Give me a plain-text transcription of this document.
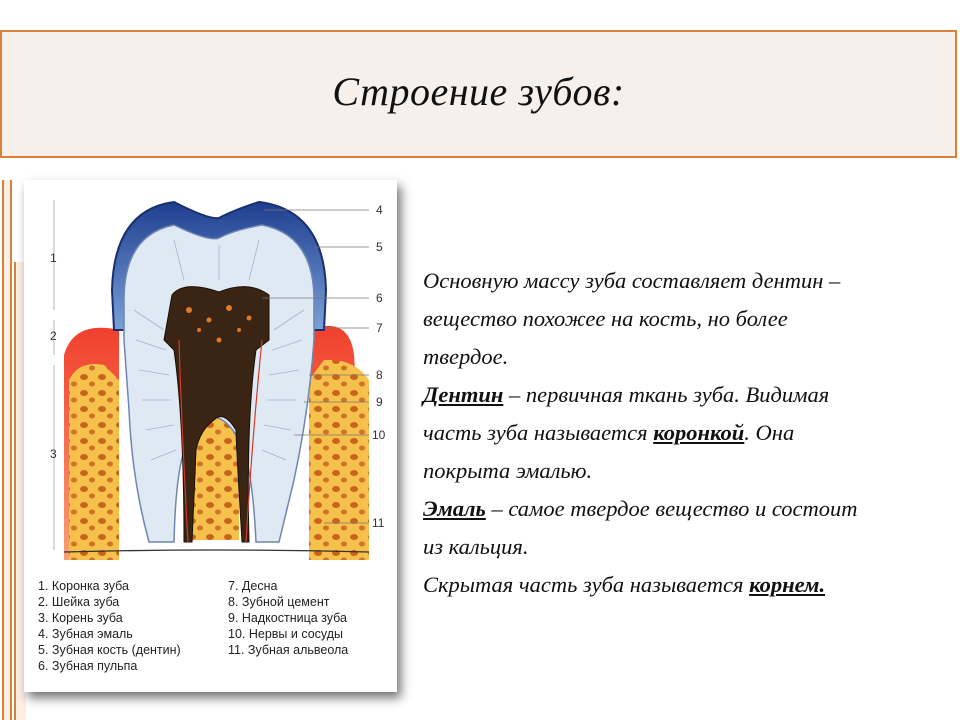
Строение зубов:
4
5
6
7
8
9
10
11
1
2
3
1. Коронка зуба
2. Шейка зуба
3. Корень зуба
4. Зубная эмаль
5. Зубная кость (дентин)
6. Зубная пульпа
7. Десна
8. Зубной цемент
9. Надкостница зуба
10. Нервы и сосуды
11. Зубная альвеола
Основную массу зуба составляет дентин –
вещество похожее на кость, но более
твердое.
Дентин – первичная ткань зуба. Видимая
часть зуба называется коронкой. Она
покрыта эмалью.
Эмаль – самое твердое вещество и состоит
из кальция.
Скрытая часть зуба называется корнем.
